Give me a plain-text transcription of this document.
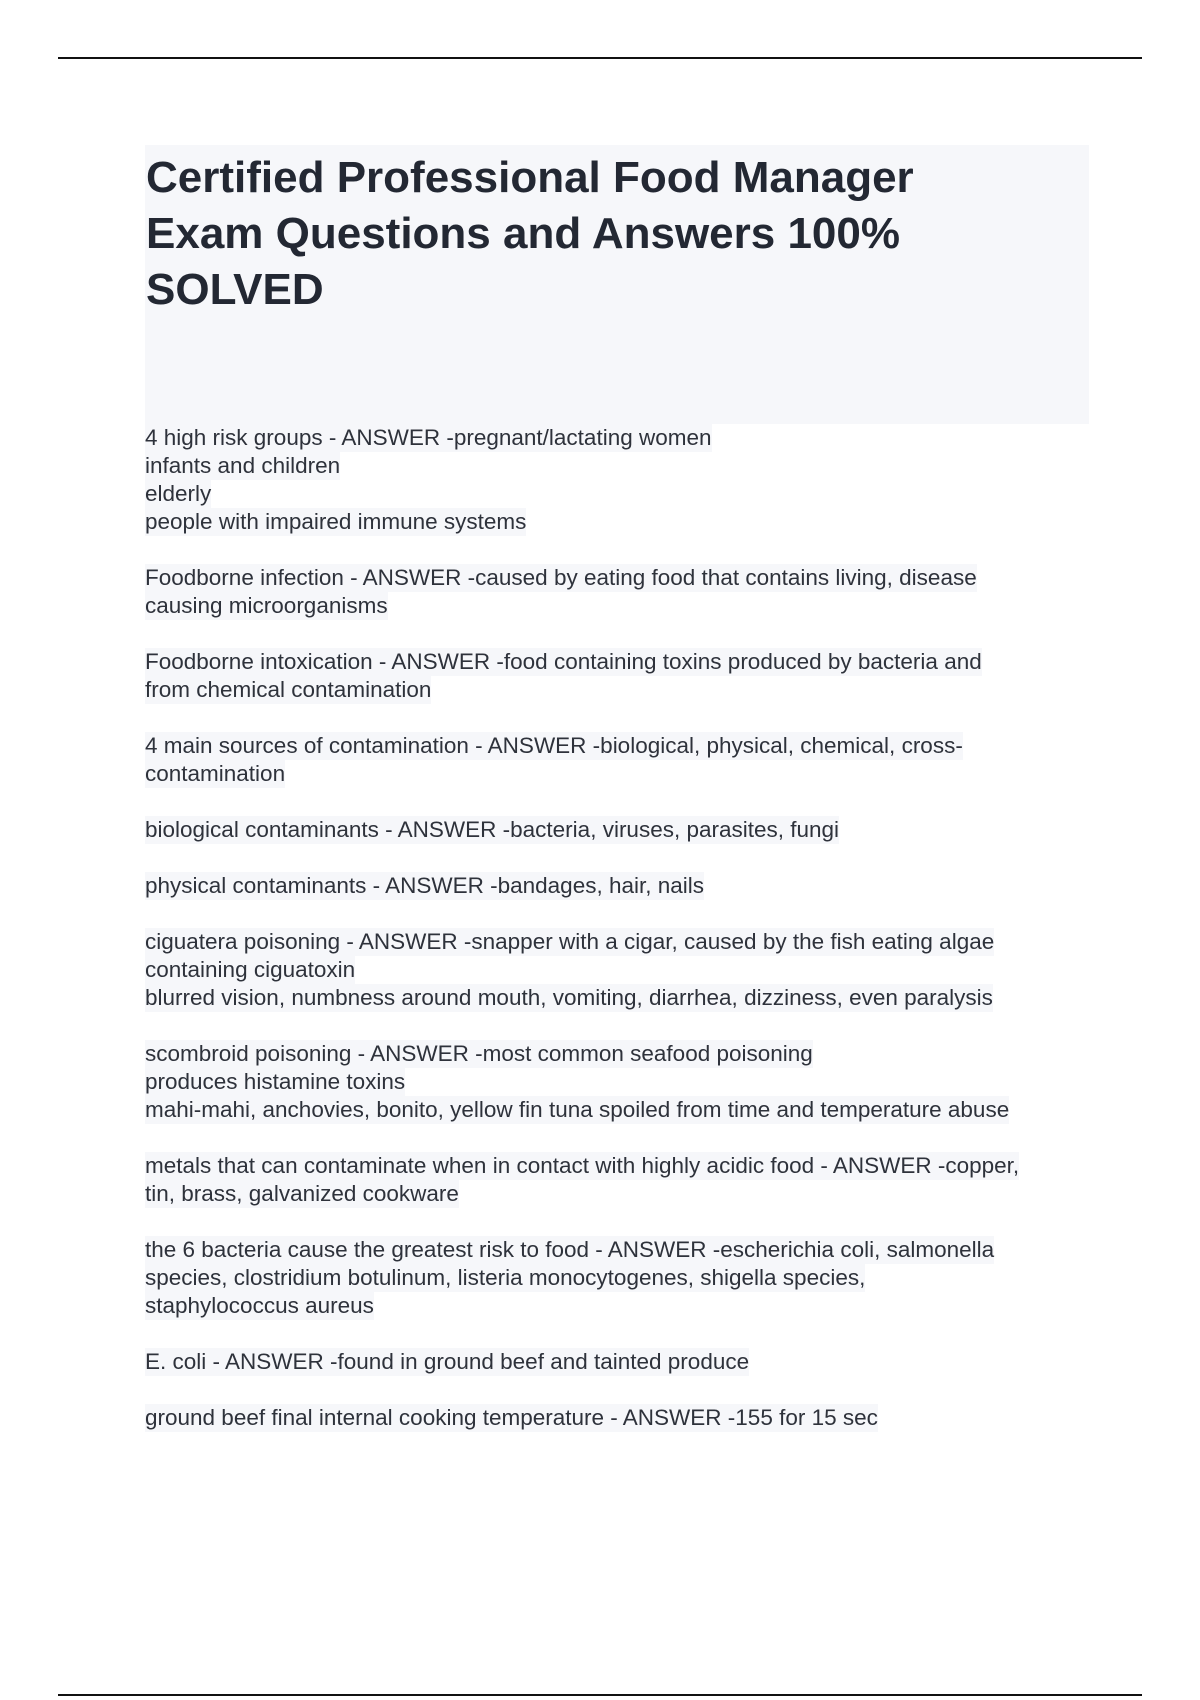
Certified Professional Food Manager
Exam Questions and Answers 100%
SOLVED
4 high risk groups - ANSWER -pregnant/lactating women
infants and children
elderly
people with impaired immune systems
Foodborne infection - ANSWER -caused by eating food that contains living, disease
causing microorganisms
Foodborne intoxication - ANSWER -food containing toxins produced by bacteria and
from chemical contamination
4 main sources of contamination - ANSWER -biological, physical, chemical, cross-
contamination
biological contaminants - ANSWER -bacteria, viruses, parasites, fungi
physical contaminants - ANSWER -bandages, hair, nails
ciguatera poisoning - ANSWER -snapper with a cigar, caused by the fish eating algae
containing ciguatoxin
blurred vision, numbness around mouth, vomiting, diarrhea, dizziness, even paralysis
scombroid poisoning - ANSWER -most common seafood poisoning
produces histamine toxins
mahi-mahi, anchovies, bonito, yellow fin tuna spoiled from time and temperature abuse
metals that can contaminate when in contact with highly acidic food - ANSWER -copper,
tin, brass, galvanized cookware
the 6 bacteria cause the greatest risk to food - ANSWER -escherichia coli, salmonella
species, clostridium botulinum, listeria monocytogenes, shigella species,
staphylococcus aureus
E. coli - ANSWER -found in ground beef and tainted produce
ground beef final internal cooking temperature - ANSWER -155 for 15 sec
